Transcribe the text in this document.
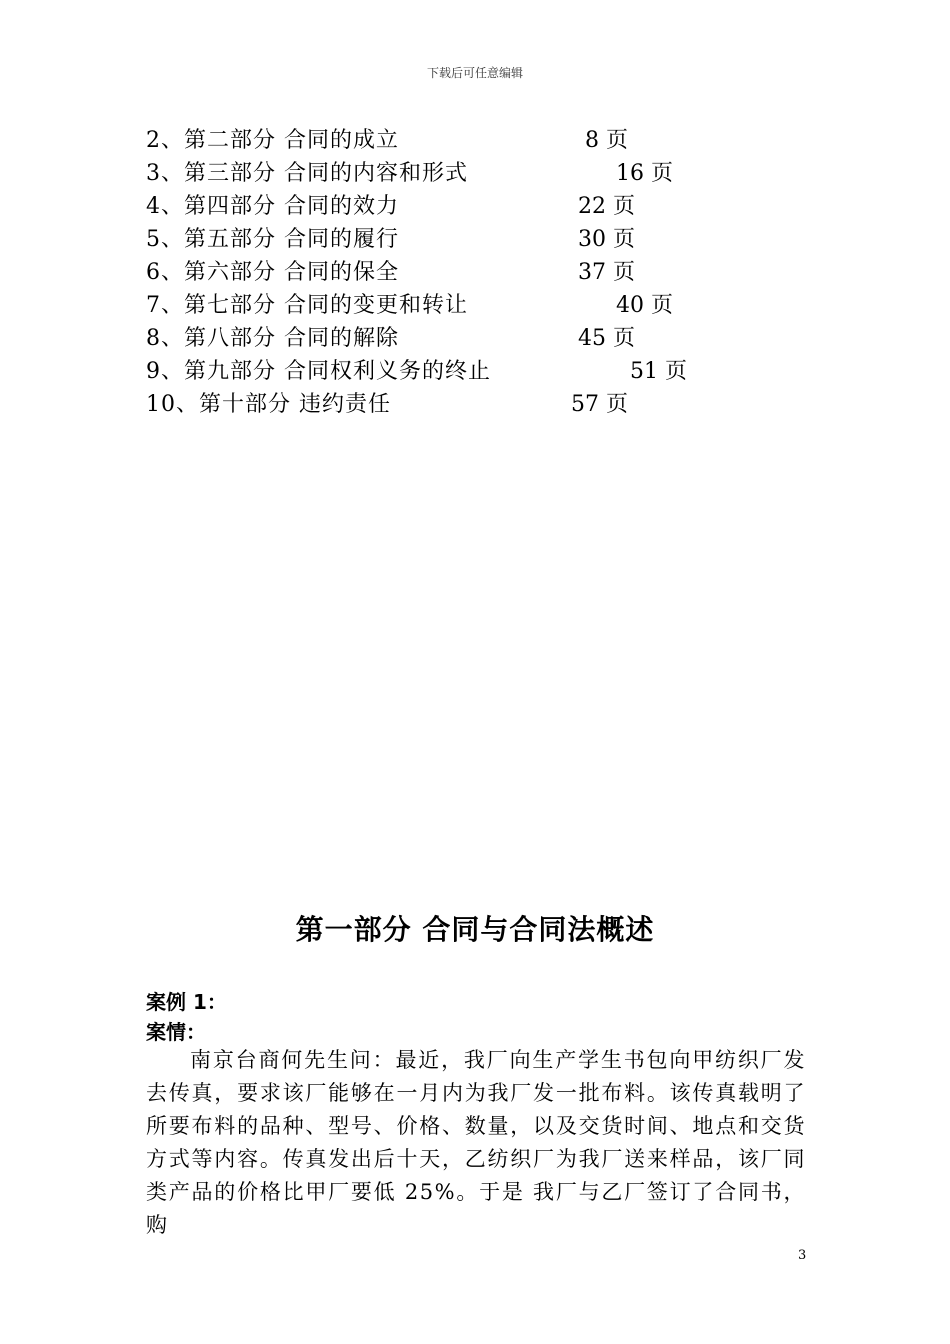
下载后可任意编辑
2、第二部分 合同的成立	8 页
3、第三部分 合同的内容和形式	16 页
4、第四部分 合同的效力	22 页
5、第五部分 合同的履行	30 页
6、第六部分 合同的保全	37 页
7、第七部分 合同的变更和转让	40 页
8、第八部分 合同的解除	45 页
9、第九部分 合同权利义务的终止	51 页
10、第十部分 违约责任	57 页
第一部分 合同与合同法概述
案例 1：
案情：

南京台商何先生问：最近，我厂向生产学生书包向甲纺织厂发去传真，要求该厂能够在一月内为我厂发一批布料。该传真载明了所要布料的品种、型号、价格、数量，以及交货时间、地点和交货方式等内容。传真发出后十天，乙纺织厂为我厂送来样品，该厂同类产品的价格比甲厂要低 25%。于是 我厂与乙厂签订了合同书，购

3
